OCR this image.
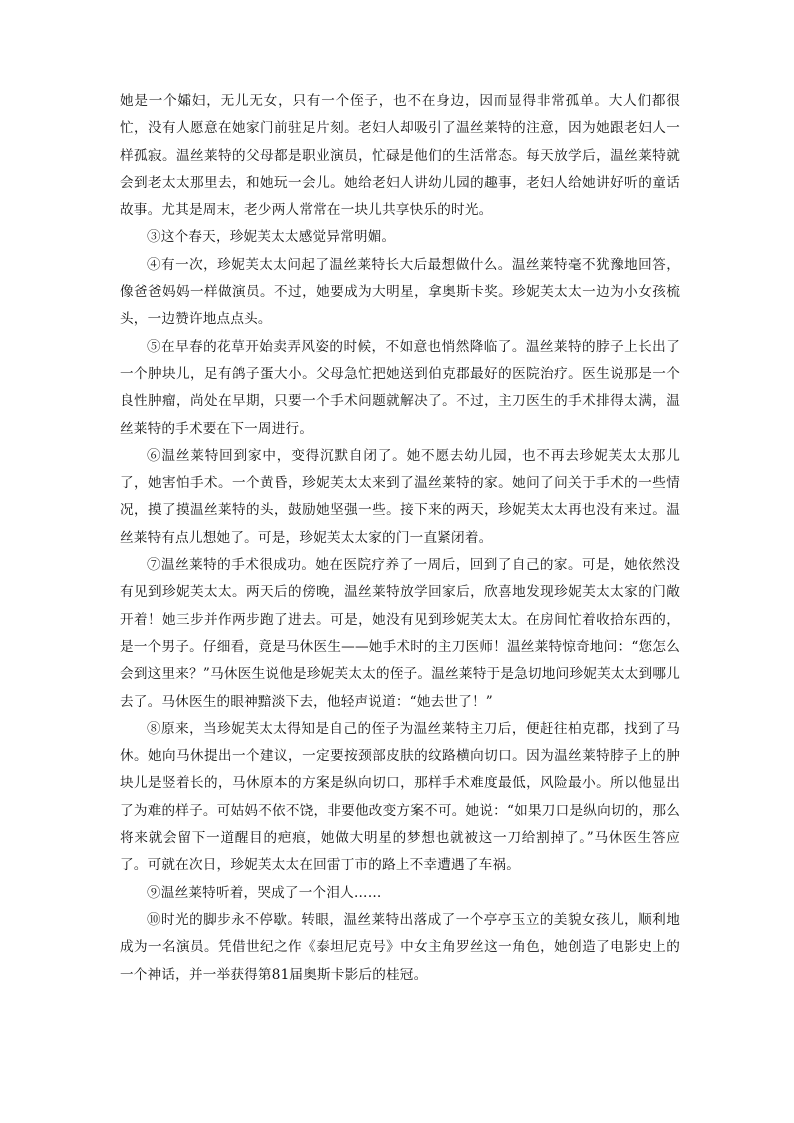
她是一个孀妇，无儿无女，只有一个侄子，也不在身边，因而显得非常孤单。大人们都很忙，没有人愿意在她家门前驻足片刻。老妇人却吸引了温丝莱特的注意，因为她跟老妇人一样孤寂。温丝莱特的父母都是职业演员，忙碌是他们的生活常态。每天放学后，温丝莱特就会到老太太那里去，和她玩一会儿。她给老妇人讲幼儿园的趣事，老妇人给她讲好听的童话故事。尤其是周末，老少两人常常在一块儿共享快乐的时光。

③这个春天，珍妮芙太太感觉异常明媚。

④有一次，珍妮芙太太问起了温丝莱特长大后最想做什么。温丝莱特毫不犹豫地回答，像爸爸妈妈一样做演员。不过，她要成为大明星，拿奥斯卡奖。珍妮芙太太一边为小女孩梳头，一边赞许地点点头。

⑤在早春的花草开始卖弄风姿的时候，不如意也悄然降临了。温丝莱特的脖子上长出了一个肿块儿，足有鸽子蛋大小。父母急忙把她送到伯克郡最好的医院治疗。医生说那是一个良性肿瘤，尚处在早期，只要一个手术问题就解决了。不过，主刀医生的手术排得太满，温丝莱特的手术要在下一周进行。

⑥温丝莱特回到家中，变得沉默自闭了。她不愿去幼儿园，也不再去珍妮芙太太那儿了，她害怕手术。一个黄昏，珍妮芙太太来到了温丝莱特的家。她问了问关于手术的一些情况，摸了摸温丝莱特的头，鼓励她坚强一些。接下来的两天，珍妮芙太太再也没有来过。温丝莱特有点儿想她了。可是，珍妮芙太太家的门一直紧闭着。

⑦温丝莱特的手术很成功。她在医院疗养了一周后，回到了自己的家。可是，她依然没有见到珍妮芙太太。两天后的傍晚，温丝莱特放学回家后，欣喜地发现珍妮芙太太家的门敞开着！她三步并作两步跑了进去。可是，她没有见到珍妮芙太太。在房间忙着收拾东西的，是一个男子。仔细看，竟是马休医生——她手术时的主刀医师！温丝莱特惊奇地问：“您怎么会到这里来？”马休医生说他是珍妮芙太太的侄子。温丝莱特于是急切地问珍妮芙太太到哪儿去了。马休医生的眼神黯淡下去，他轻声说道：“她去世了！”

⑧原来，当珍妮芙太太得知是自己的侄子为温丝莱特主刀后，便赶往柏克郡，找到了马休。她向马休提出一个建议，一定要按颈部皮肤的纹路横向切口。因为温丝莱特脖子上的肿块儿是竖着长的，马休原本的方案是纵向切口，那样手术难度最低，风险最小。所以他显出了为难的样子。可姑妈不依不饶，非要他改变方案不可。她说：“如果刀口是纵向切的，那么将来就会留下一道醒目的疤痕，她做大明星的梦想也就被这一刀给割掉了。”马休医生答应了。可就在次日，珍妮芙太太在回雷丁市的路上不幸遭遇了车祸。

⑨温丝莱特听着，哭成了一个泪人……

⑩时光的脚步永不停歇。转眼，温丝莱特出落成了一个亭亭玉立的美貌女孩儿，顺利地成为一名演员。凭借世纪之作《泰坦尼克号》中女主角罗丝这一角色，她创造了电影史上的一个神话，并一举获得第81届奥斯卡影后的桂冠。
